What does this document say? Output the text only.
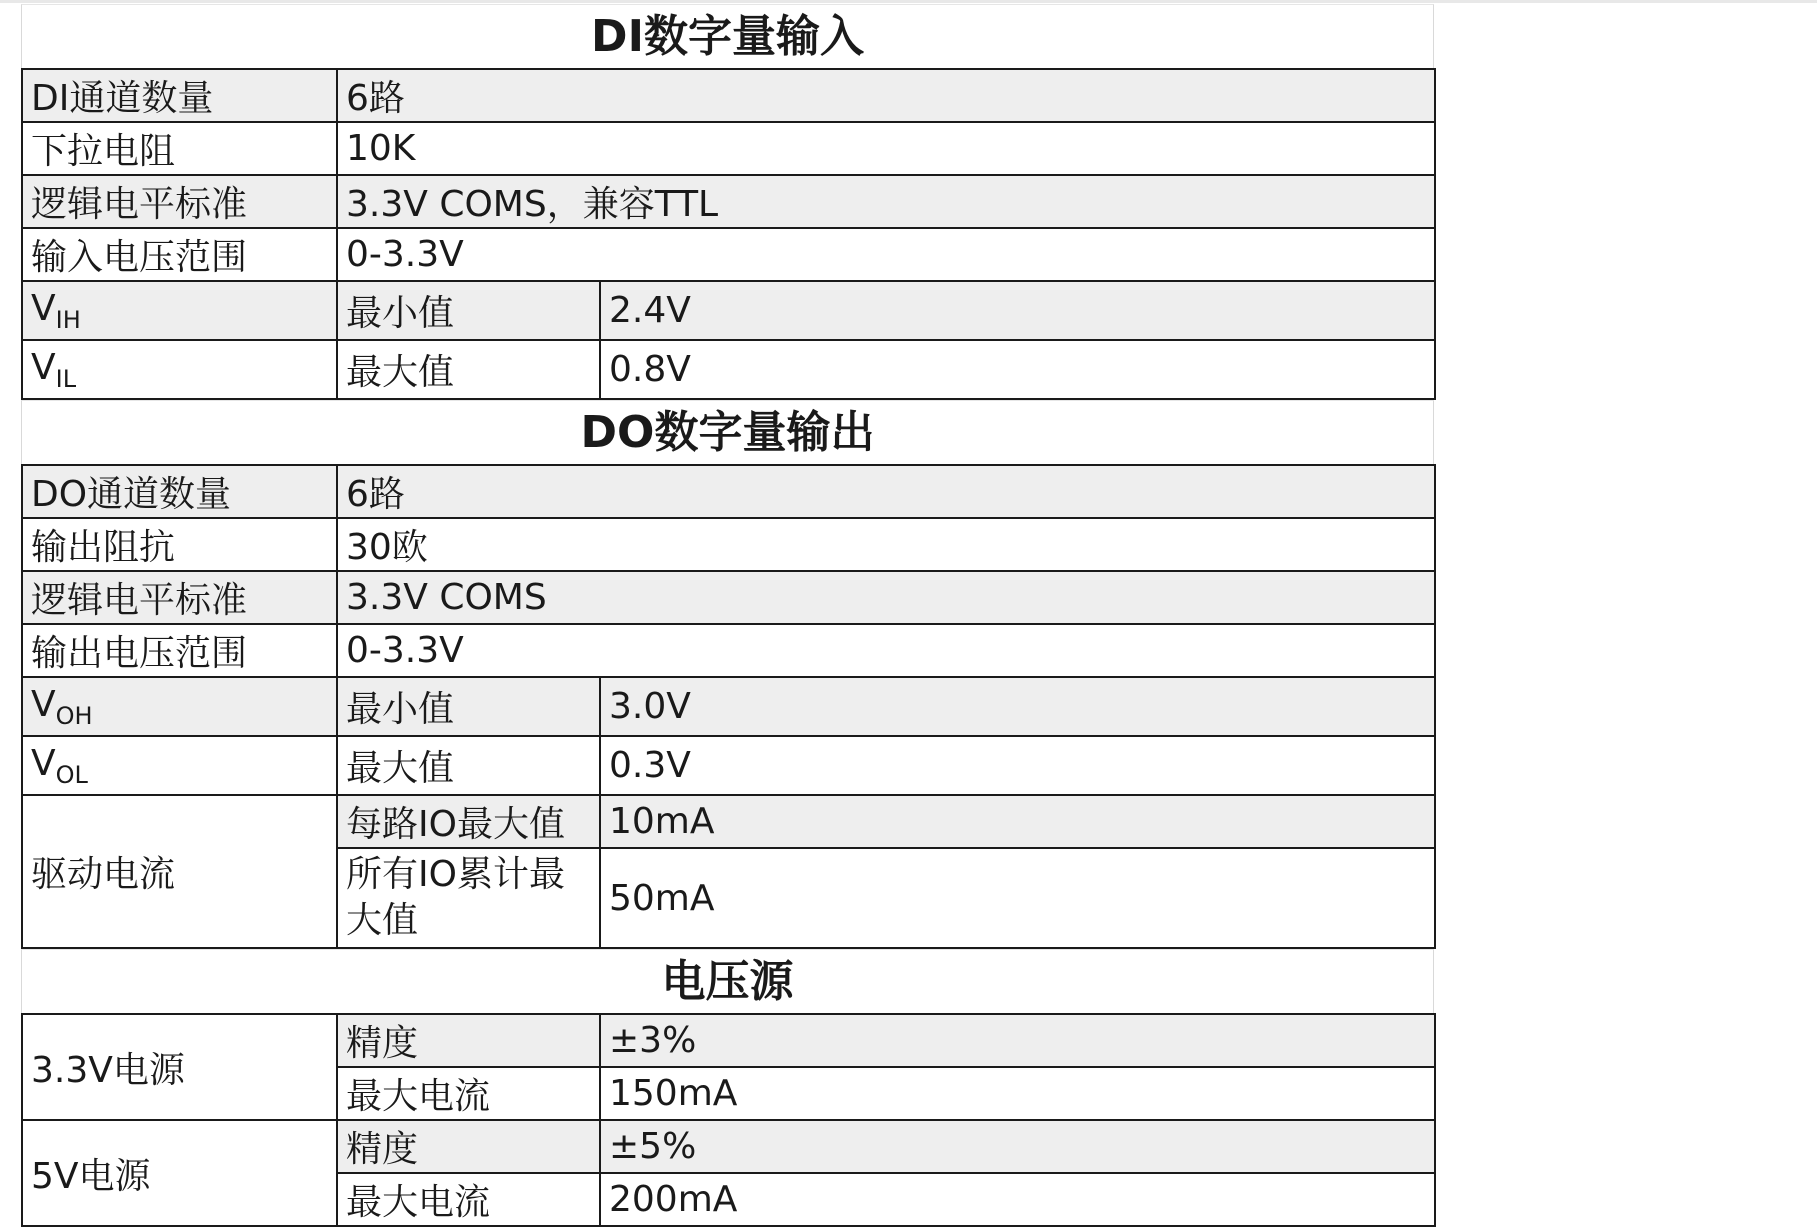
DI数字量输入
DI通道数量	6路	
下拉电阻	10K	
逻辑电平标准	3.3V COMS，兼容TTL	
输入电压范围	0-3.3V	
$V_{IH}$	最小值	2.4V
$V_{IL}$	最大值	0.8V
DO数字量输出
DO通道数量	6路	
输出阻抗	30欧	
逻辑电平标准	3.3V COMS	
输出电压范围	0-3.3V	
$V_{OH}$	最小值	3.0V
$V_{OL}$	最大值	0.3V
驱动电流	每路IO最大值	10mA
	所有IO累计最大值	50mA
电压源
3.3V电源	精度	±3%
	最大电流	150mA
5V电源	精度	±5%
	最大电流	200mA
